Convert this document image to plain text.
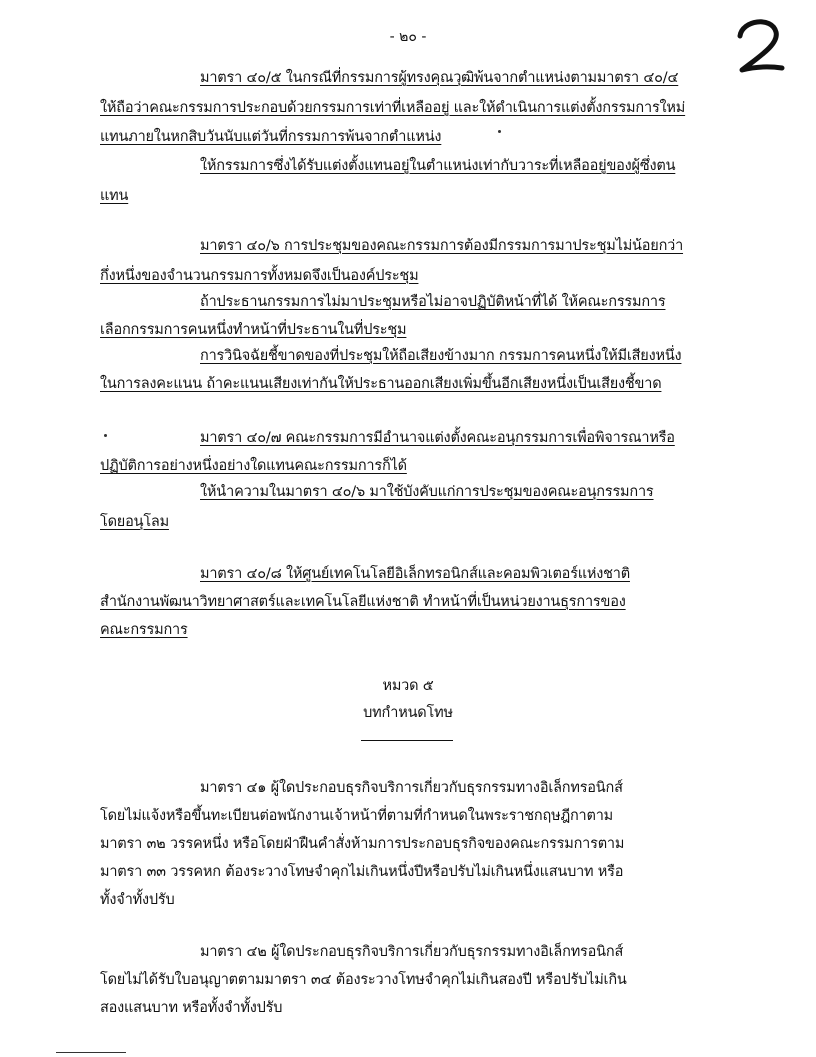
- ๒๐ -
มาตรา ๔๐/๕ ในกรณีที่กรรมการผู้ทรงคุณวุฒิพ้นจากตำแหน่งตามมาตรา ๔๐/๔
ให้ถือว่าคณะกรรมการประกอบด้วยกรรมการเท่าที่เหลืออยู่ และให้ดำเนินการแต่งตั้งกรรมการใหม่
แทนภายในหกสิบวันนับแต่วันที่กรรมการพ้นจากตำแหน่ง
ให้กรรมการซึ่งได้รับแต่งตั้งแทนอยู่ในตำแหน่งเท่ากับวาระที่เหลืออยู่ของผู้ซึ่งตน
แทน
มาตรา ๔๐/๖ การประชุมของคณะกรรมการต้องมีกรรมการมาประชุมไม่น้อยกว่า
กึ่งหนึ่งของจำนวนกรรมการทั้งหมดจึงเป็นองค์ประชุม
ถ้าประธานกรรมการไม่มาประชุมหรือไม่อาจปฏิบัติหน้าที่ได้ ให้คณะกรรมการ
เลือกกรรมการคนหนึ่งทำหน้าที่ประธานในที่ประชุม
การวินิจฉัยชี้ขาดของที่ประชุมให้ถือเสียงข้างมาก กรรมการคนหนึ่งให้มีเสียงหนึ่ง
ในการลงคะแนน ถ้าคะแนนเสียงเท่ากันให้ประธานออกเสียงเพิ่มขึ้นอีกเสียงหนึ่งเป็นเสียงชี้ขาด
มาตรา ๔๐/๗ คณะกรรมการมีอำนาจแต่งตั้งคณะอนุกรรมการเพื่อพิจารณาหรือ
ปฏิบัติการอย่างหนึ่งอย่างใดแทนคณะกรรมการก็ได้
ให้นำความในมาตรา ๔๐/๖ มาใช้บังคับแก่การประชุมของคณะอนุกรรมการ
โดยอนุโลม
มาตรา ๔๐/๘ ให้ศูนย์เทคโนโลยีอิเล็กทรอนิกส์และคอมพิวเตอร์แห่งชาติ
สำนักงานพัฒนาวิทยาศาสตร์และเทคโนโลยีแห่งชาติ ทำหน้าที่เป็นหน่วยงานธุรการของ
คณะกรรมการ
หมวด ๕
บทกำหนดโทษ
มาตรา ๔๑ ผู้ใดประกอบธุรกิจบริการเกี่ยวกับธุรกรรมทางอิเล็กทรอนิกส์
โดยไม่แจ้งหรือขึ้นทะเบียนต่อพนักงานเจ้าหน้าที่ตามที่กำหนดในพระราชกฤษฎีกาตาม
มาตรา ๓๒ วรรคหนึ่ง หรือโดยฝ่าฝืนคำสั่งห้ามการประกอบธุรกิจของคณะกรรมการตาม
มาตรา ๓๓ วรรคหก ต้องระวางโทษจำคุกไม่เกินหนึ่งปีหรือปรับไม่เกินหนึ่งแสนบาท หรือ
ทั้งจำทั้งปรับ
มาตรา ๔๒ ผู้ใดประกอบธุรกิจบริการเกี่ยวกับธุรกรรมทางอิเล็กทรอนิกส์
โดยไม่ได้รับใบอนุญาตตามมาตรา ๓๔ ต้องระวางโทษจำคุกไม่เกินสองปี หรือปรับไม่เกิน
สองแสนบาท หรือทั้งจำทั้งปรับ
